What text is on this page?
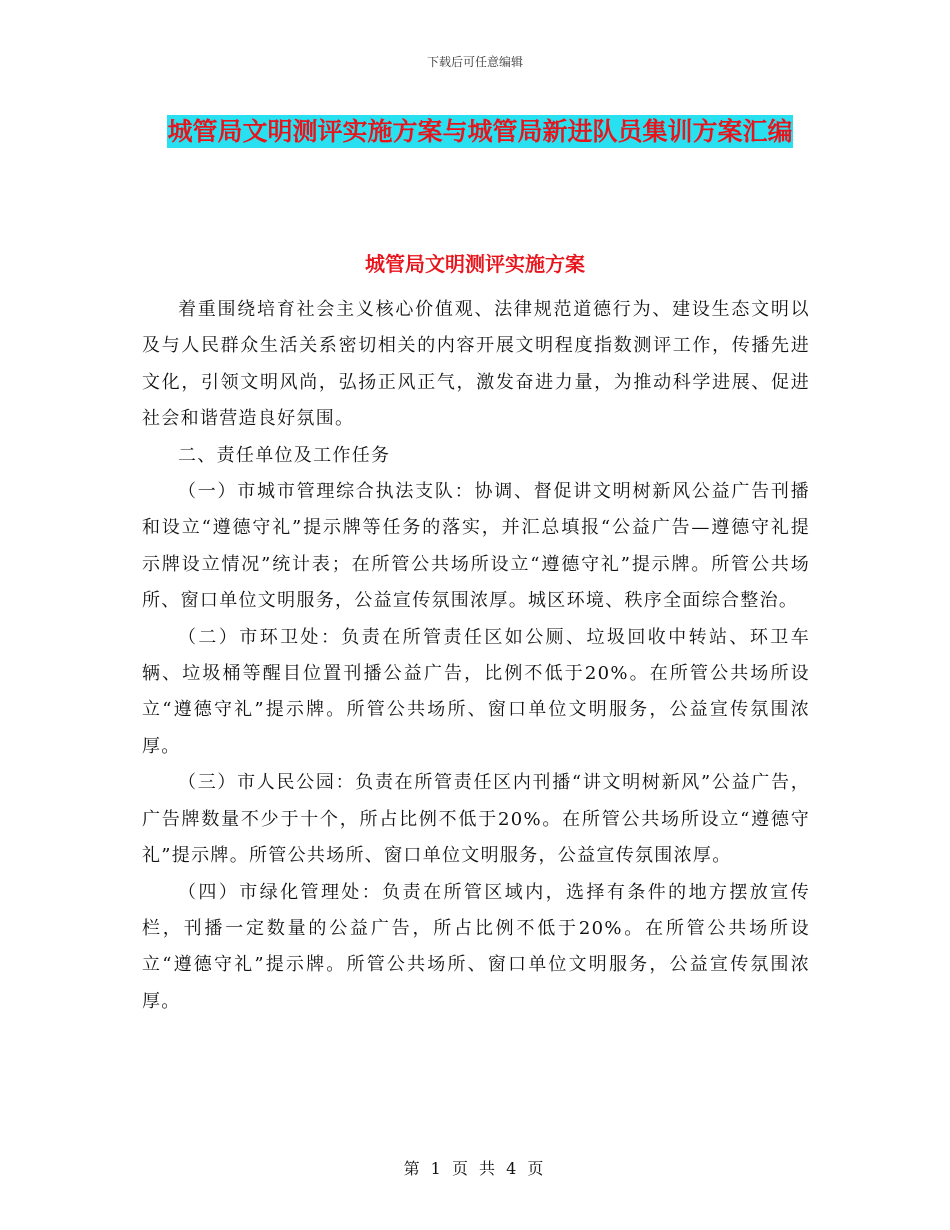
下载后可任意编辑
城管局文明测评实施方案与城管局新进队员集训方案汇编
城管局文明测评实施方案

着重围绕培育社会主义核心价值观、法律规范道德行为、建设生态文明以及与人民群众生活关系密切相关的内容开展文明程度指数测评工作，传播先进文化，引领文明风尚，弘扬正风正气，激发奋进力量，为推动科学进展、促进社会和谐营造良好氛围。

二、责任单位及工作任务

（一）市城市管理综合执法支队：协调、督促讲文明树新风公益广告刊播和设立“遵德守礼”提示牌等任务的落实，并汇总填报“公益广告—遵德守礼提示牌设立情况”统计表；在所管公共场所设立“遵德守礼”提示牌。所管公共场所、窗口单位文明服务，公益宣传氛围浓厚。城区环境、秩序全面综合整治。

（二）市环卫处：负责在所管责任区如公厕、垃圾回收中转站、环卫车辆、垃圾桶等醒目位置刊播公益广告，比例不低于20%。在所管公共场所设立“遵德守礼”提示牌。所管公共场所、窗口单位文明服务，公益宣传氛围浓厚。

（三）市人民公园：负责在所管责任区内刊播“讲文明树新风”公益广告，广告牌数量不少于十个，所占比例不低于20%。在所管公共场所设立“遵德守礼”提示牌。所管公共场所、窗口单位文明服务，公益宣传氛围浓厚。

（四）市绿化管理处：负责在所管区域内，选择有条件的地方摆放宣传栏，刊播一定数量的公益广告，所占比例不低于20%。在所管公共场所设立“遵德守礼”提示牌。所管公共场所、窗口单位文明服务，公益宣传氛围浓厚。

第 1 页 共 4 页
